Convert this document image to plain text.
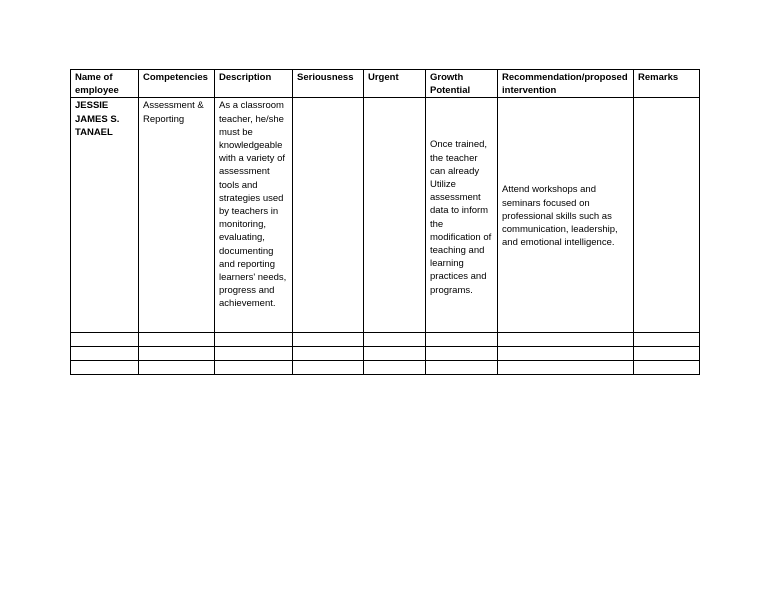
Name of employee	Competencies	Description	Seriousness	Urgent	Growth Potential	Recommendation/proposed intervention	Remarks
JESSIE JAMES S. TANAEL	Assessment & Reporting	As a classroom teacher, he/she must be knowledgeable with a variety of assessment tools and strategies used by teachers in monitoring, evaluating, documenting and reporting learners' needs, progress and achievement.			Once trained, the teacher can already Utilize assessment data to inform the modification of teaching and learning practices and programs.	Attend workshops and seminars focused on professional skills such as communication, leadership, and emotional intelligence.	
